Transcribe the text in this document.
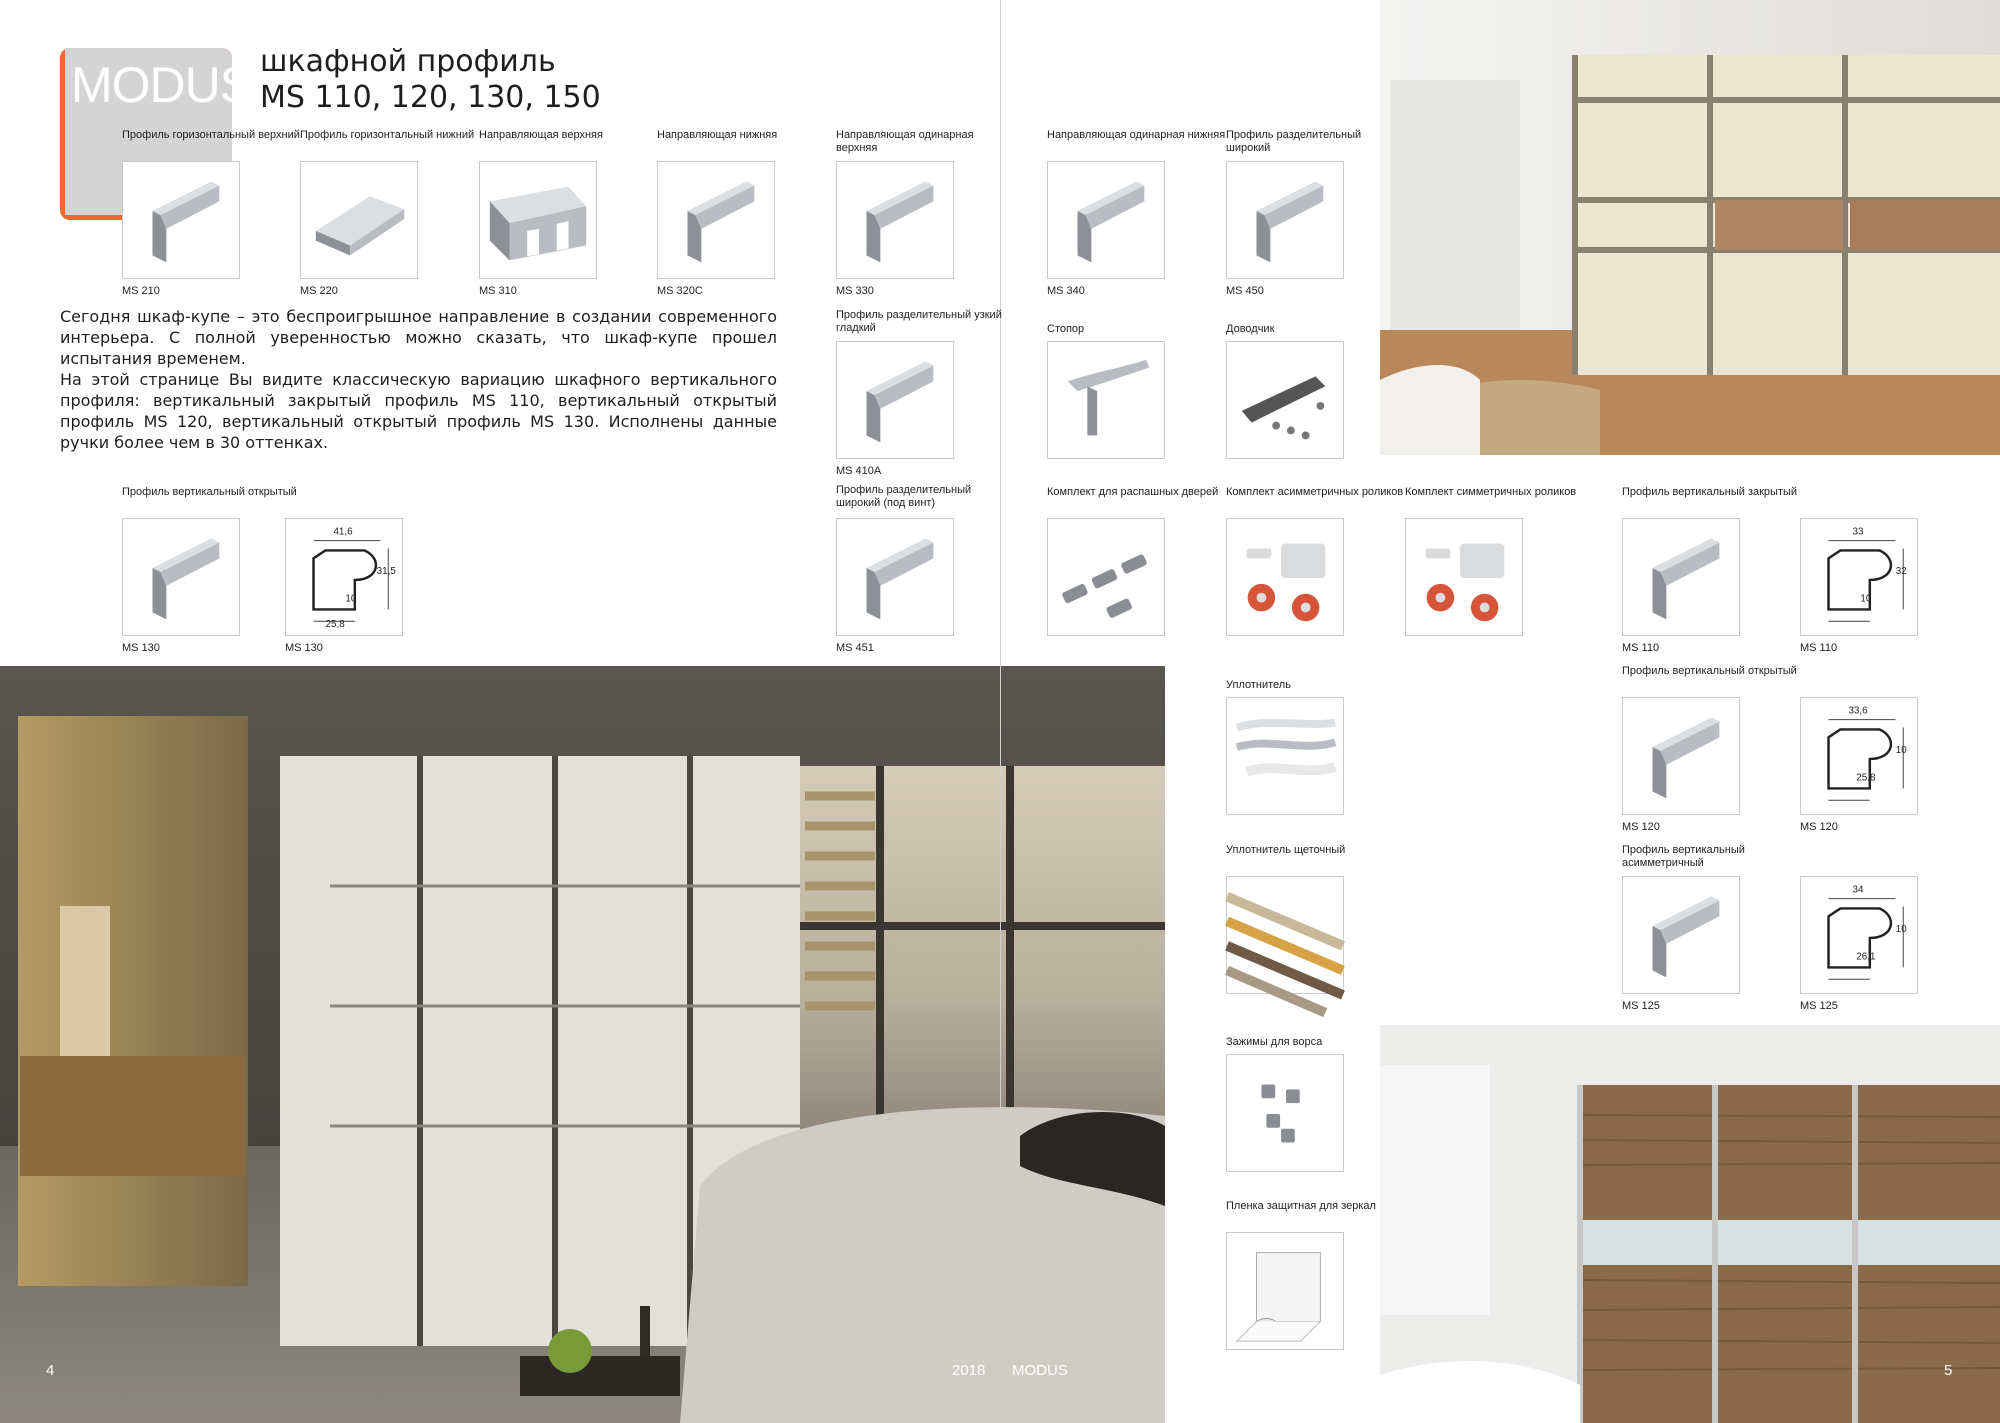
MODUS шкафной профиль
MS 110, 120, 130, 150

Сегодня шкаф-купе – это беспроигрышное направление в создании современного интерьера. С полной уверенностью можно сказать, что шкаф-купе прошел испытания временем.

На этой странице Вы видите классическую вариацию шкафного вертикального профиля: вертикальный закрытый профиль MS 110, вертикальный открытый профиль MS 120, вертикальный открытый профиль MS 130. Исполнены данные ручки более чем в 30 оттенках.

4	2018 MODUS	5
Профиль горизонтальный верхний
MS 210
Профиль горизонтальный нижний
MS 220
Направляющая верхняя
MS 310
Направляющая нижняя
MS 320С
Направляющая одинарная верхняя
MS 330
Направляющая одинарная нижняя
MS 340
Профиль разделительный широкий
MS 450
Профиль разделительный узкий гладкий
MS 410А
Стопор	Доводчик
Профиль вертикальный открытый
MS 130
41,6
31,5
10
25,8
MS 130
Профиль разделительный широкий (под винт)
MS 451
Комплект для распашных дверей Комплект асимметричных роликов Комплект симметричных роликов	Профиль вертикальный закрытый
MS 110
33
32
10
MS 110
Уплотнитель
Профиль вертикальный открытый
MS 120
33,6
10
25,8
MS 120
Уплотнитель щеточный	Профиль вертикальный асимметричный
MS 125
34
10
26,1
MS 125
Зажимы для ворса
Пленка защитная для зеркал
